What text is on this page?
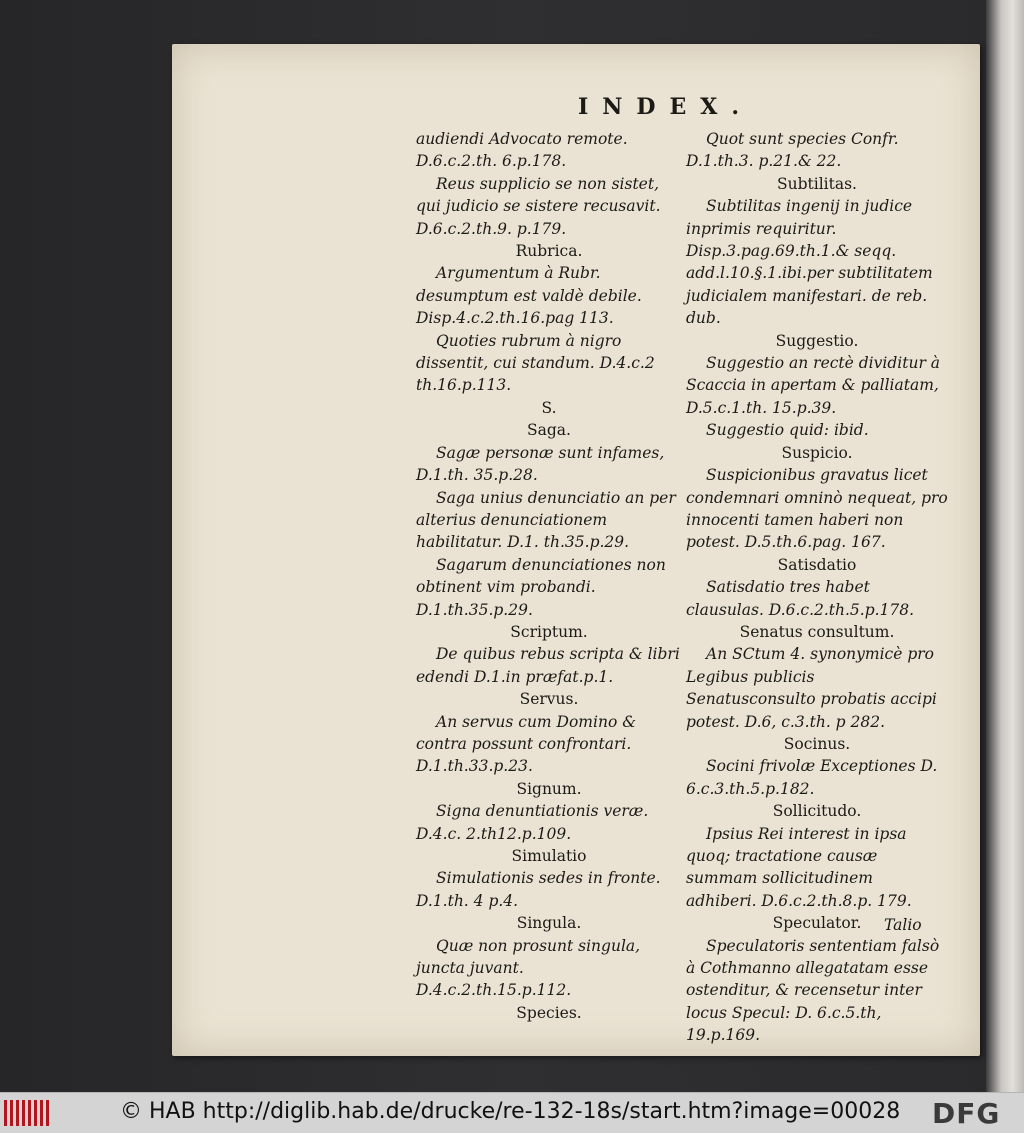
INDEX.

audiendi Advocato remote. D.6.c.2.th. 6.p.178.

Reus supplicio se non sistet, qui judicio se sistere recusavit. D.6.c.2.th.9. p.179.

Rubrica.

Argumentum à Rubr. desumptum est valdè debile. Disp.4.c.2.th.16.pag 113.

Quoties rubrum à nigro dissentit, cui standum. D.4.c.2 th.16.p.113.

S.

Saga.

Sagæ personæ sunt infames, D.1.th. 35.p.28.

Saga unius denunciatio an per alterius denunciationem habilitatur. D.1. th.35.p.29.

Sagarum denunciationes non obtinent vim probandi. D.1.th.35.p.29.

Scriptum.

De quibus rebus scripta & libri edendi D.1.in præfat.p.1.

Servus.

An servus cum Domino & contra possunt confrontari. D.1.th.33.p.23.

Signum.

Signa denuntiationis veræ. D.4.c. 2.th12.p.109.

Simulatio

Simulationis sedes in fronte. D.1.th. 4 p.4.

Singula.

Quæ non prosunt singula, juncta juvant. D.4.c.2.th.15.p.112.

Species.

Quot sunt species Confr. D.1.th.3. p.21.& 22.

Subtilitas.

Subtilitas ingenij in judice inprimis requiritur. Disp.3.pag.69.th.1.& seqq. add.l.10.§.1.ibi.per subtilitatem judicialem manifestari. de reb. dub.

Suggestio.

Suggestio an rectè dividitur à Scaccia in apertam & palliatam, D.5.c.1.th. 15.p.39.

Suggestio quid: ibid.

Suspicio.

Suspicionibus gravatus licet condemnari omninò nequeat, pro innocenti tamen haberi non potest. D.5.th.6.pag. 167.

Satisdatio

Satisdatio tres habet clausulas. D.6.c.2.th.5.p.178.

Senatus consultum.

An SCtum 4. synonymicè pro Legibus publicis Senatusconsulto probatis accipi potest. D.6, c.3.th. p 282.

Socinus.

Socini frivolæ Exceptiones D. 6.c.3.th.5.p.182.

Sollicitudo.

Ipsius Rei interest in ipsa quoq; tractatione causæ summam sollicitudinem adhiberi. D.6.c.2.th.8.p. 179.

Speculator.

Speculatoris sententiam falsò à Cothmanno allegatatam esse ostenditur, & recensetur inter locus Specul: D. 6.c.5.th, 19.p.169.

Talio
© HAB http://diglib.hab.de/drucke/re-132-18s/start.htm?image=00028 DFG
